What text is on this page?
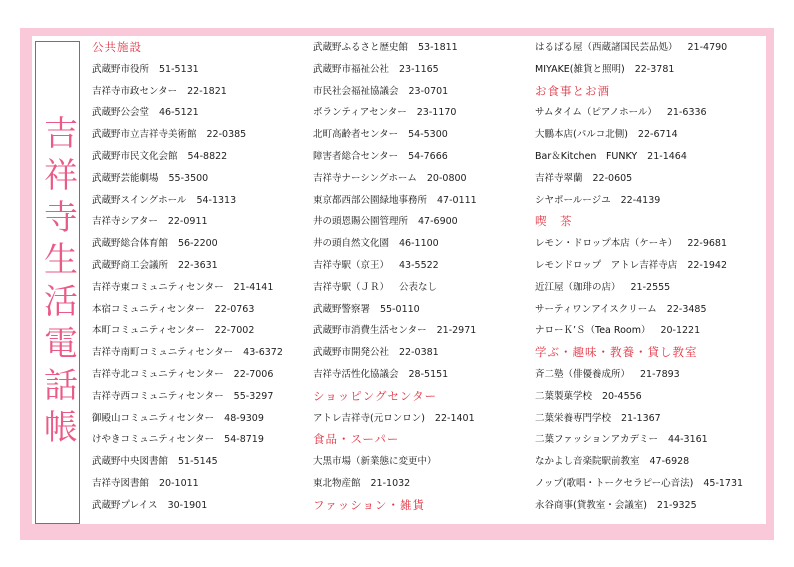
吉祥寺生活電話帳
公共施設
武蔵野市役所 51-5131
吉祥寺市政センター 22-1821
武蔵野公会堂 46-5121
武蔵野市立吉祥寺美術館 22-0385
武蔵野市民文化会館 54-8822
武蔵野芸能劇場 55-3500
武蔵野スイングホール 54-1313
吉祥寺シアター 22-0911
武蔵野総合体育館 56-2200
武蔵野商工会議所 22-3631
吉祥寺東コミュニティセンター 21-4141
本宿コミュニティセンター 22-0763
本町コミュニティセンター 22-7002
吉祥寺南町コミュニティセンター 43-6372
吉祥寺北コミュニティセンター 22-7006
吉祥寺西コミュニティセンター 55-3297
御殿山コミュニティセンター 48-9309
けやきコミュニティセンター 54-8719
武蔵野中央図書館 51-5145
吉祥寺図書館 20-1011
武蔵野プレイス 30-1901
武蔵野ふるさと歴史館 53-1811
武蔵野市福祉公社 23-1165
市民社会福祉協議会 23-0701
ボランティアセンター 23-1170
北町高齢者センター 54-5300
障害者総合センター 54-7666
吉祥寺ナーシングホーム 20-0800
東京都西部公園緑地事務所 47-0111
井の頭恩賜公園管理所 47-6900
井の頭自然文化園 46-1100
吉祥寺駅（京王） 43-5522
吉祥寺駅（ＪＲ） 公表なし
武蔵野警察署 55-0110
武蔵野市消費生活センター 21-2971
武蔵野市開発公社 22-0381
吉祥寺活性化協議会 28-5151
ショッピングセンター
アトレ吉祥寺(元ロンロン) 22-1401
食品・スーパー
大黒市場（新業態に変更中）
東北物産館 21-1032
ファッション・雑貨
はるばる屋（西蔵諸国民芸品処） 21-4790
MIYAKE(雑貨と照明) 22-3781
お食事とお酒
サムタイム（ピアノホール） 21-6336
大鵬本店(パルコ北側) 22-6714
Bar＆Kitchen　FUNKY 21-1464
吉祥寺翠蘭 22-0605
シヤポールージユ 22-4139
喫　茶
レモン・ドロップ本店（ケーキ） 22-9681
レモンドロップ　アトレ吉祥寺店 22-1942
近江屋（珈琲の店） 21-2555
サーティワンアイスクリーム 22-3485
ナローＫ’Ｓ（Tea Room） 20-1221
学ぶ・趣味・教養・貸し教室
斉二塾（俳優養成所） 21-7893
二葉製菓学校 20-4556
二葉栄養専門学校 21-1367
二葉ファッションアカデミー 44-3161
なかよし音楽院駅前教室 47-6928
ノップ(歌唱・トークセラピー心音法) 45-1731
永谷商事(貸教室・会議室) 21-9325
